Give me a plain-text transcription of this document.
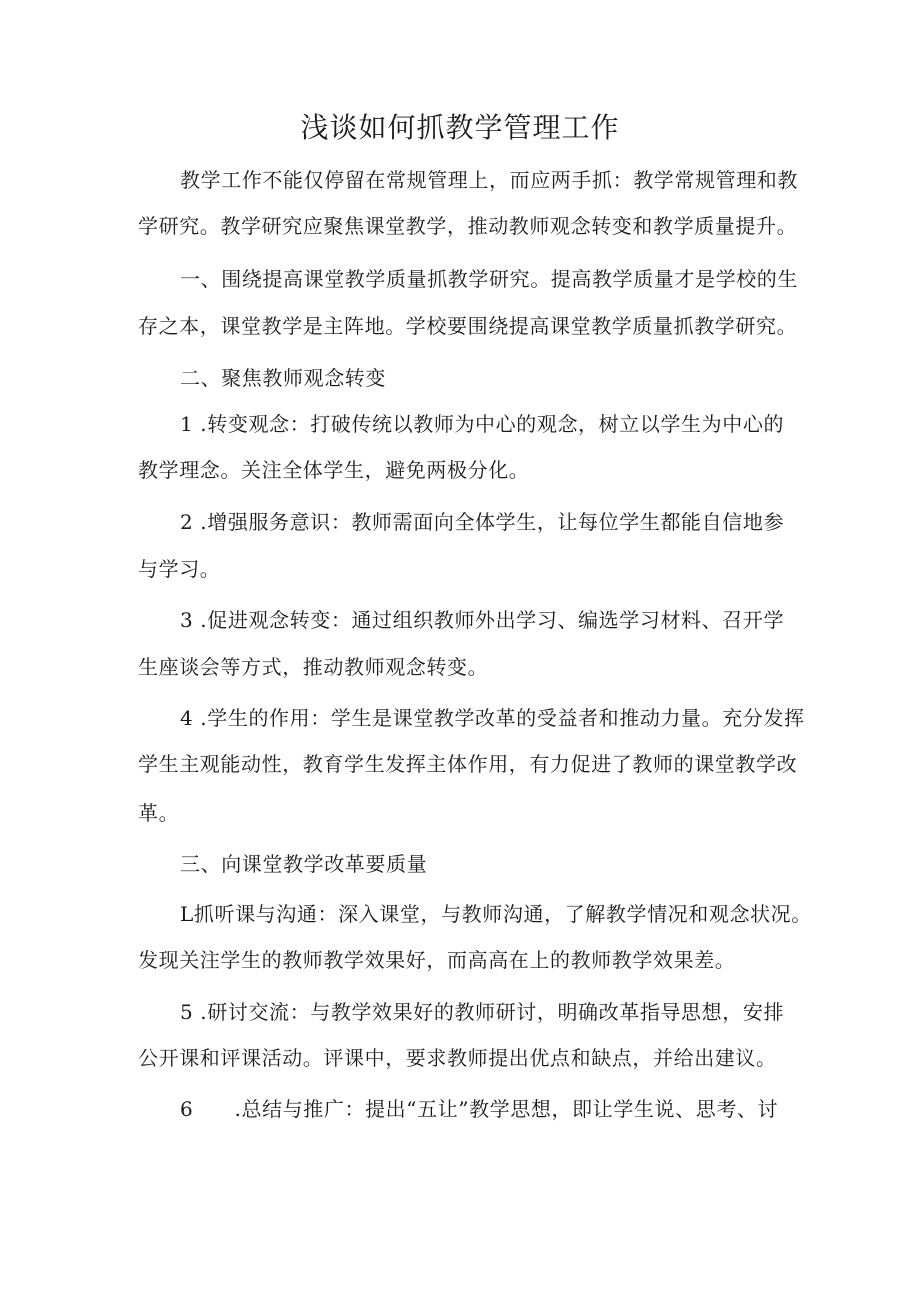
浅谈如何抓教学管理工作
教学工作不能仅停留在常规管理上，而应两手抓：教学常规管理和教
学研究。教学研究应聚焦课堂教学，推动教师观念转变和教学质量提升。
一、围绕提高课堂教学质量抓教学研究。提高教学质量才是学校的生
存之本，课堂教学是主阵地。学校要围绕提高课堂教学质量抓教学研究。
二、聚焦教师观念转变
1 .转变观念：打破传统以教师为中心的观念，树立以学生为中心的
教学理念。关注全体学生，避免两极分化。
2 .增强服务意识：教师需面向全体学生，让每位学生都能自信地参
与学习。
3 .促进观念转变：通过组织教师外出学习、编选学习材料、召开学
生座谈会等方式，推动教师观念转变。
4 .学生的作用：学生是课堂教学改革的受益者和推动力量。充分发挥
学生主观能动性，教育学生发挥主体作用，有力促进了教师的课堂教学改
革。
三、向课堂教学改革要质量
L抓听课与沟通：深入课堂，与教师沟通，了解教学情况和观念状况。
发现关注学生的教师教学效果好，而高高在上的教师教学效果差。
5 .研讨交流：与教学效果好的教师研讨，明确改革指导思想，安排
公开课和评课活动。评课中，要求教师提出优点和缺点，并给出建议。
6  .总结与推广：提出“五让”教学思想，即让学生说、思考、讨
